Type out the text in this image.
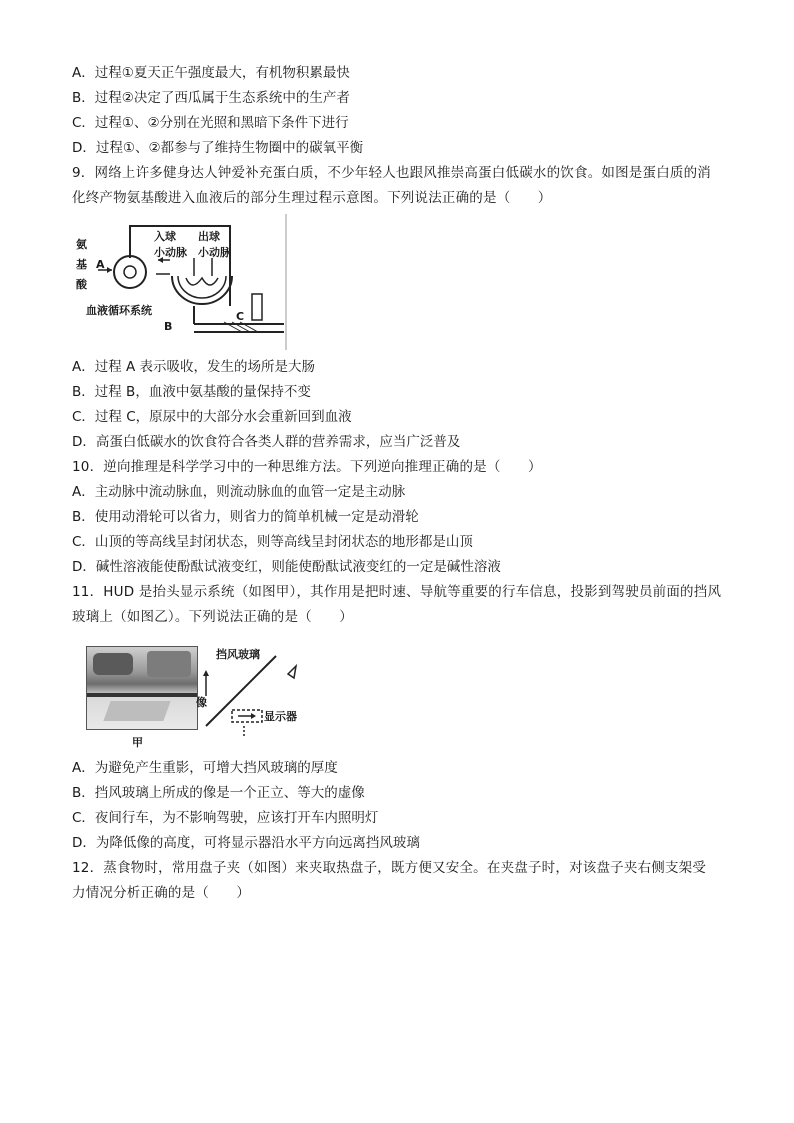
A．过程①夏天正午强度最大，有机物积累最快
B．过程②决定了西瓜属于生态系统中的生产者
C．过程①、②分别在光照和黑暗下条件下进行
D．过程①、②都参与了维持生物圈中的碳氧平衡
9．网络上许多健身达人钟爱补充蛋白质，不少年轻人也跟风推崇高蛋白低碳水的饮食。如图是蛋白质的消
化终产物氨基酸进入血液后的部分生理过程示意图。下列说法正确的是（　　）
氨
基
酸
A
入球 出球
小动脉 小动脉
血液循环系统
B
C
A．过程 A 表示吸收，发生的场所是大肠
B．过程 B，血液中氨基酸的量保持不变
C．过程 C，原尿中的大部分水会重新回到血液
D．高蛋白低碳水的饮食符合各类人群的营养需求，应当广泛普及
10．逆向推理是科学学习中的一种思维方法。下列逆向推理正确的是（　　）
A．主动脉中流动脉血，则流动脉血的血管一定是主动脉
B．使用动滑轮可以省力，则省力的简单机械一定是动滑轮
C．山顶的等高线呈封闭状态，则等高线呈封闭状态的地形都是山顶
D．碱性溶液能使酚酞试液变红，则能使酚酞试液变红的一定是碱性溶液
11．HUD 是抬头显示系统（如图甲），其作用是把时速、导航等重要的行车信息，投影到驾驶员前面的挡风
玻璃上（如图乙）。下列说法正确的是（　　）
甲
挡风玻璃
像
显示器
A．为避免产生重影，可增大挡风玻璃的厚度
B．挡风玻璃上所成的像是一个正立、等大的虚像
C．夜间行车，为不影响驾驶，应该打开车内照明灯
D．为降低像的高度，可将显示器沿水平方向远离挡风玻璃
12．蒸食物时，常用盘子夹（如图）来夹取热盘子，既方便又安全。在夹盘子时，对该盘子夹右侧支架受
力情况分析正确的是（　　）
